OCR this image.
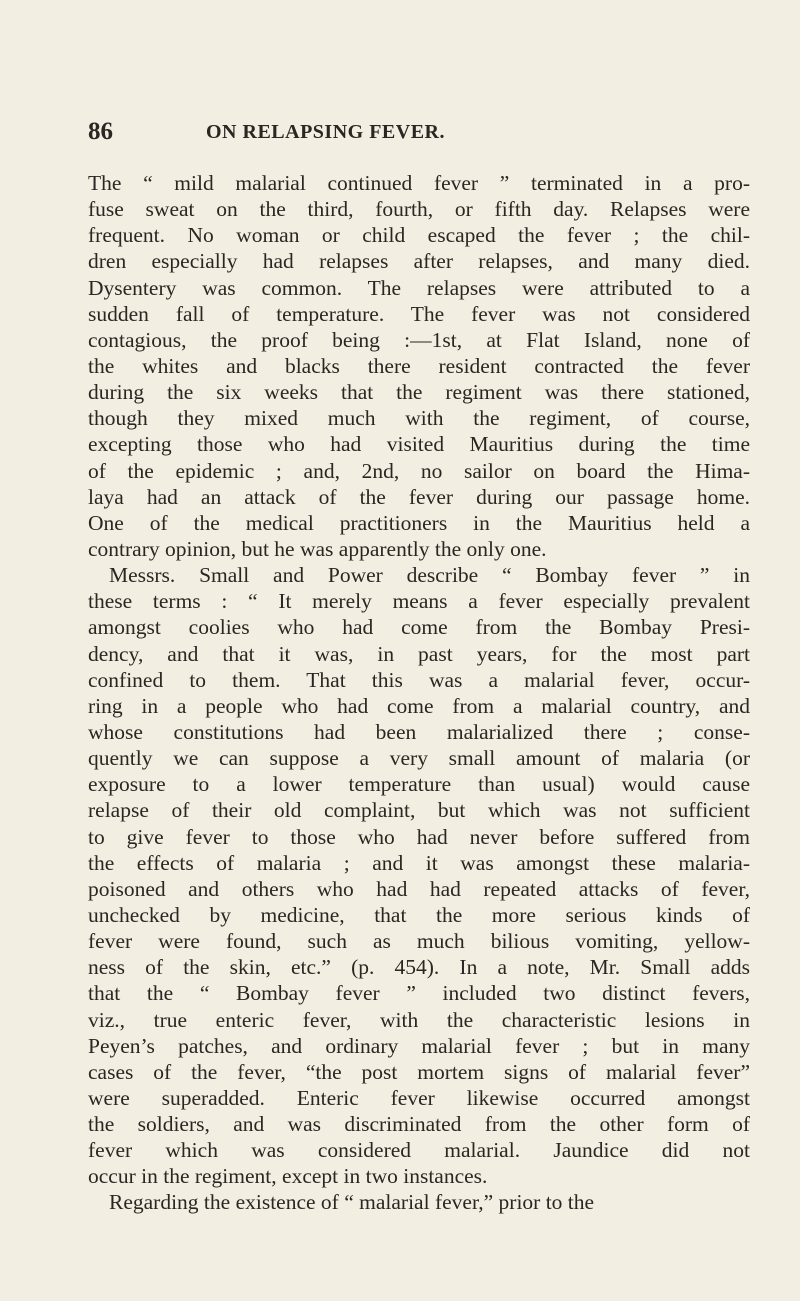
86	ON RELAPSING FEVER.
The “ mild malarial continued fever ” terminated in a pro-
fuse sweat on the third, fourth, or fifth day. Relapses were
frequent. No woman or child escaped the fever ; the chil-
dren especially had relapses after relapses, and many died.
Dysentery was common. The relapses were attributed to a
sudden fall of temperature. The fever was not considered
contagious, the proof being :—1st, at Flat Island, none of
the whites and blacks there resident contracted the fever
during the six weeks that the regiment was there stationed,
though they mixed much with the regiment, of course,
excepting those who had visited Mauritius during the time
of the epidemic ; and, 2nd, no sailor on board the Hima-
laya had an attack of the fever during our passage home.
One of the medical practitioners in the Mauritius held a
contrary opinion, but he was apparently the only one.
Messrs. Small and Power describe “ Bombay fever ” in
these terms : “ It merely means a fever especially prevalent
amongst coolies who had come from the Bombay Presi-
dency, and that it was, in past years, for the most part
confined to them. That this was a malarial fever, occur-
ring in a people who had come from a malarial country, and
whose constitutions had been malarialized there ; conse-
quently we can suppose a very small amount of malaria (or
exposure to a lower temperature than usual) would cause
relapse of their old complaint, but which was not sufficient
to give fever to those who had never before suffered from
the effects of malaria ; and it was amongst these malaria-
poisoned and others who had had repeated attacks of fever,
unchecked by medicine, that the more serious kinds of
fever were found, such as much bilious vomiting, yellow-
ness of the skin, etc.” (p. 454). In a note, Mr. Small adds
that the “ Bombay fever ” included two distinct fevers,
viz., true enteric fever, with the characteristic lesions in
Peyen’s patches, and ordinary malarial fever ; but in many
cases of the fever, “the post mortem signs of malarial fever”
were superadded. Enteric fever likewise occurred amongst
the soldiers, and was discriminated from the other form of
fever which was considered malarial. Jaundice did not
occur in the regiment, except in two instances.
Regarding the existence of “ malarial fever,” prior to the
